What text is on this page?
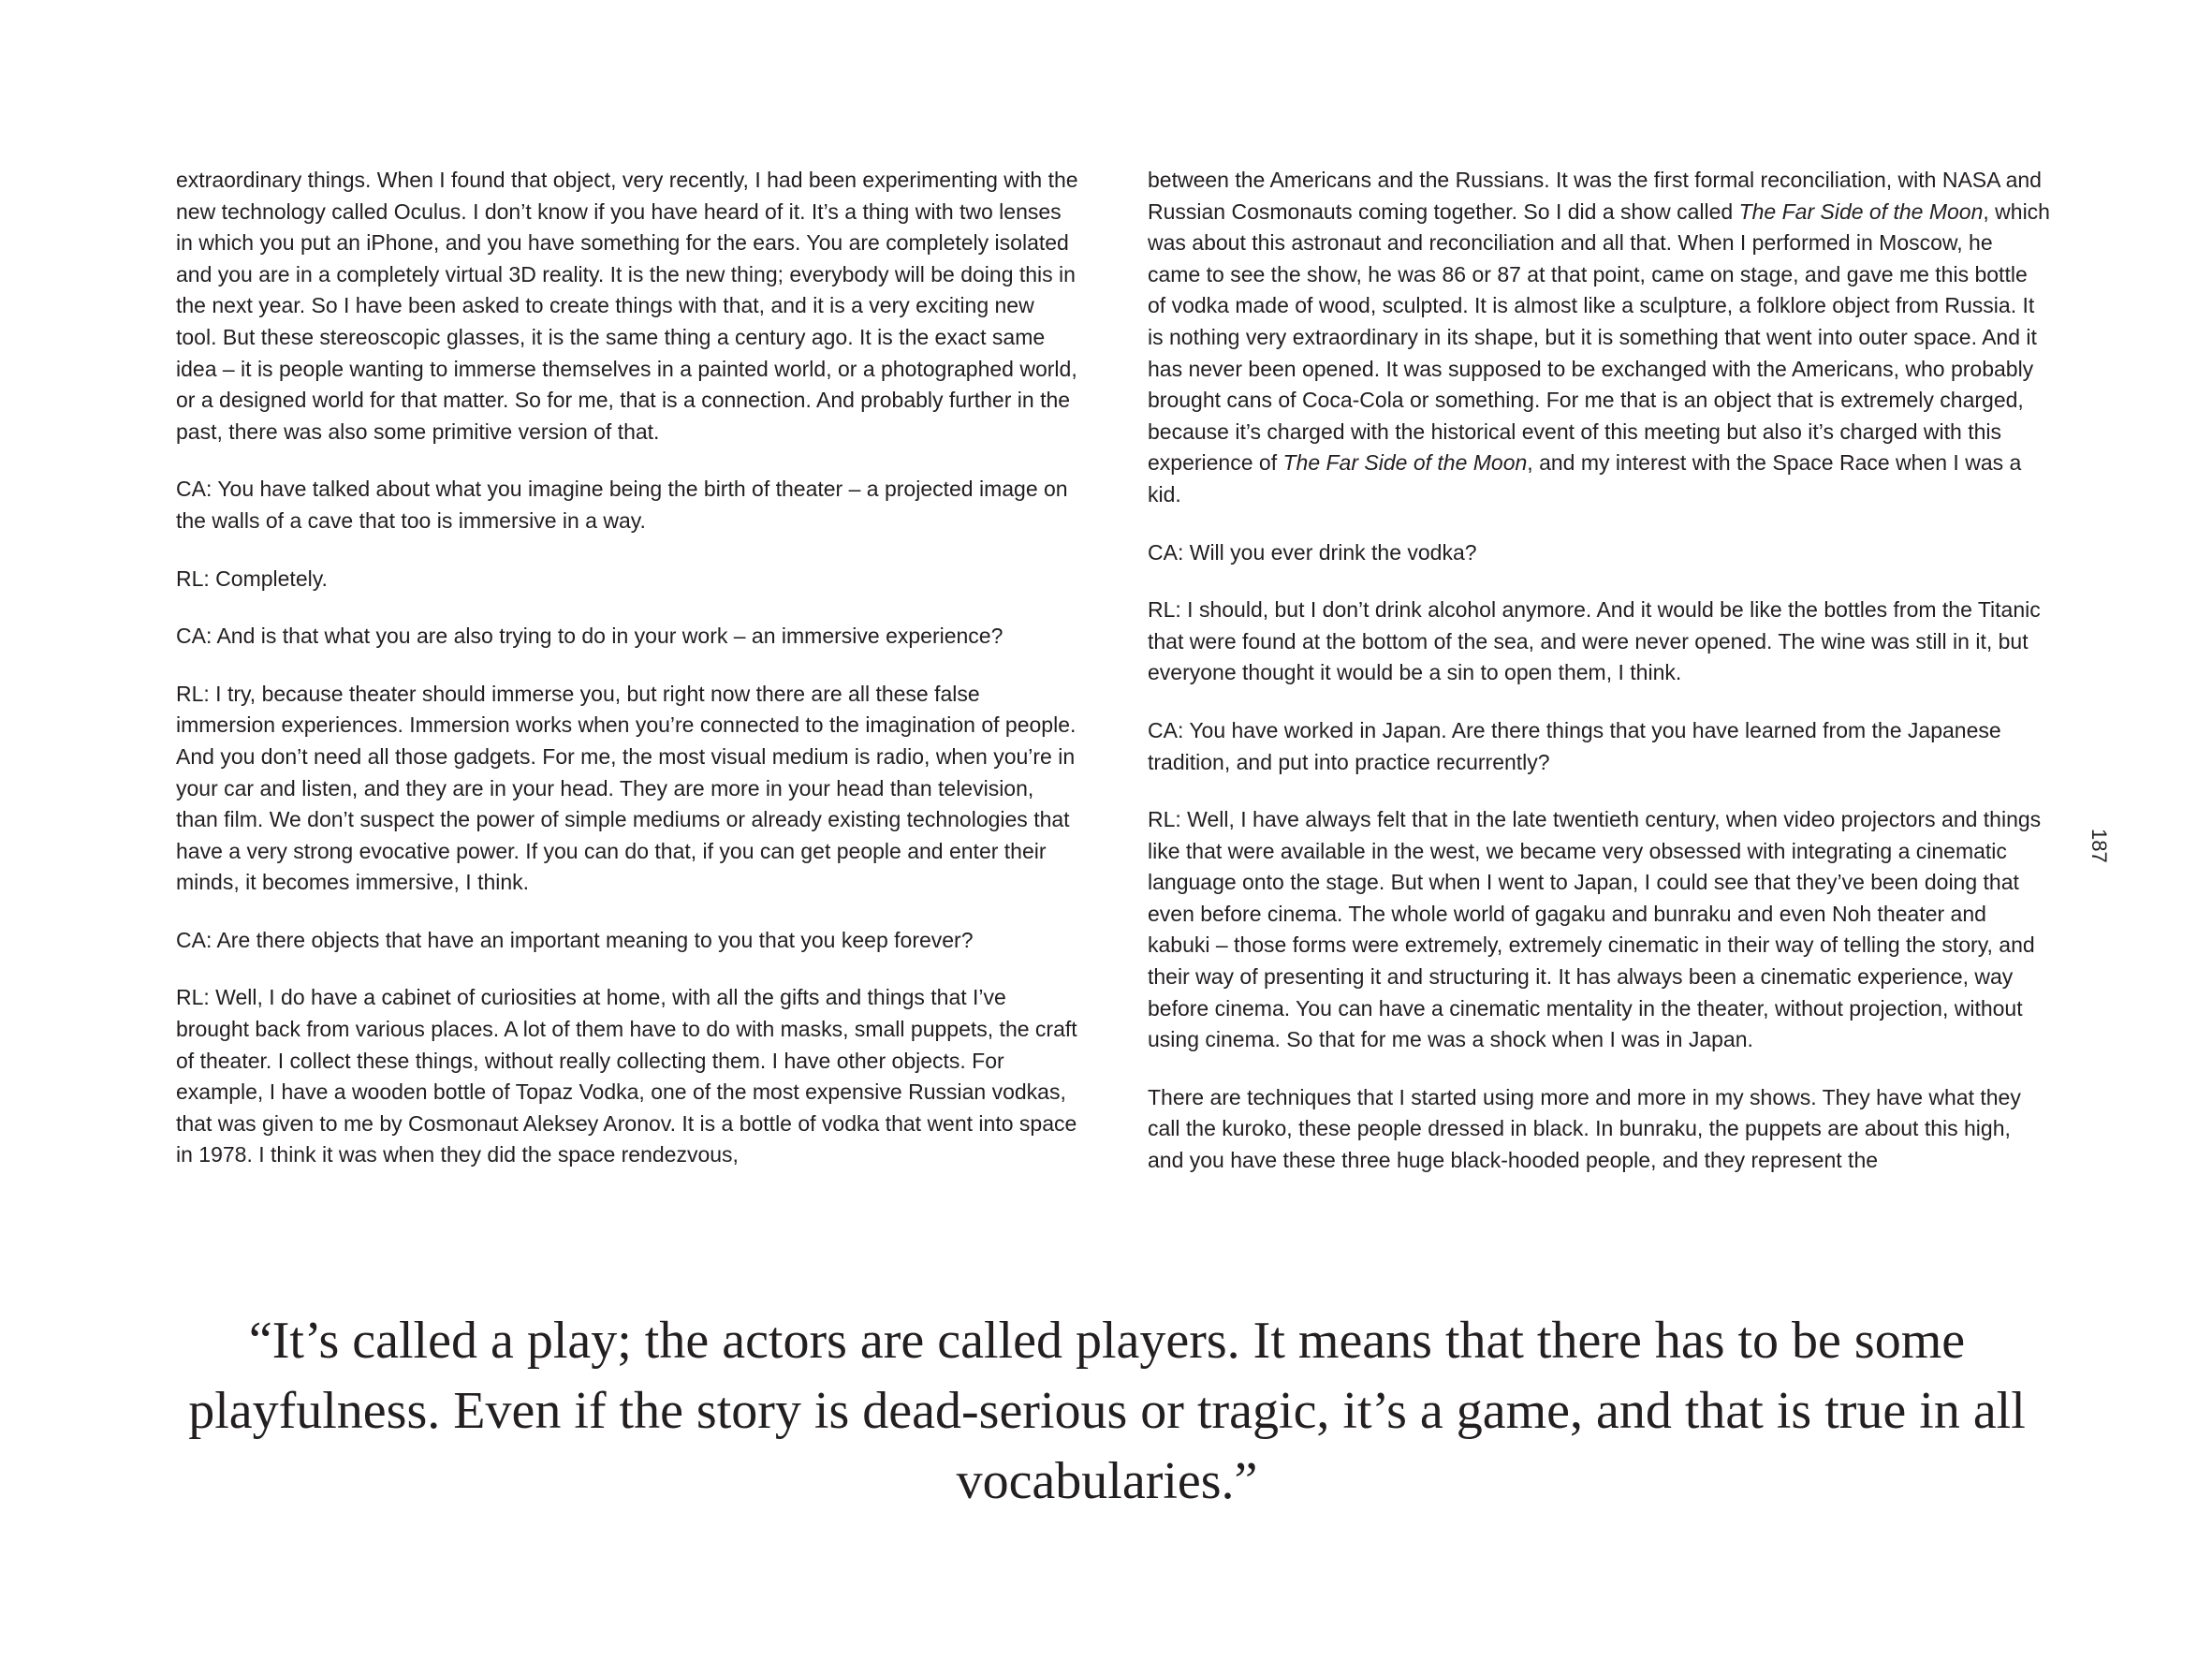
extraordinary things. When I found that object, very recently, I had been experimenting with the new technology called Oculus. I don’t know if you have heard of it. It’s a thing with two lenses in which you put an iPhone, and you have something for the ears. You are completely isolated and you are in a completely virtual 3D reality. It is the new thing; everybody will be doing this in the next year. So I have been asked to create things with that, and it is a very exciting new tool. But these stereoscopic glasses, it is the same thing a century ago. It is the exact same idea – it is people wanting to immerse themselves in a painted world, or a photographed world, or a designed world for that matter. So for me, that is a connection. And probably further in the past, there was also some primitive version of that.

CA: You have talked about what you imagine being the birth of theater – a projected image on the walls of a cave that too is immersive in a way.

RL: Completely.

CA: And is that what you are also trying to do in your work – an immersive experience?

RL: I try, because theater should immerse you, but right now there are all these false immersion experiences. Immersion works when you’re connected to the imagination of people. And you don’t need all those gadgets. For me, the most visual medium is radio, when you’re in your car and listen, and they are in your head. They are more in your head than television, than film. We don’t suspect the power of simple mediums or already existing technologies that have a very strong evocative power. If you can do that, if you can get people and enter their minds, it becomes immersive, I think.

CA: Are there objects that have an important meaning to you that you keep forever?

RL: Well, I do have a cabinet of curiosities at home, with all the gifts and things that I’ve brought back from various places. A lot of them have to do with masks, small puppets, the craft of theater. I collect these things, without really collecting them. I have other objects. For example, I have a wooden bottle of Topaz Vodka, one of the most expensive Russian vodkas, that was given to me by Cosmonaut Aleksey Aronov. It is a bottle of vodka that went into space in 1978. I think it was when they did the space rendezvous,

between the Americans and the Russians. It was the first formal reconciliation, with NASA and Russian Cosmonauts coming together. So I did a show called The Far Side of the Moon, which was about this astronaut and reconciliation and all that. When I performed in Moscow, he came to see the show, he was 86 or 87 at that point, came on stage, and gave me this bottle of vodka made of wood, sculpted. It is almost like a sculpture, a folklore object from Russia. It is nothing very extraordinary in its shape, but it is something that went into outer space. And it has never been opened. It was supposed to be exchanged with the Americans, who probably brought cans of Coca-Cola or something. For me that is an object that is extremely charged, because it’s charged with the historical event of this meeting but also it’s charged with this experience of The Far Side of the Moon, and my interest with the Space Race when I was a kid.

CA: Will you ever drink the vodka?

RL: I should, but I don’t drink alcohol anymore. And it would be like the bottles from the Titanic that were found at the bottom of the sea, and were never opened. The wine was still in it, but everyone thought it would be a sin to open them, I think.

CA: You have worked in Japan. Are there things that you have learned from the Japanese tradition, and put into practice recurrently?

RL: Well, I have always felt that in the late twentieth century, when video projectors and things like that were available in the west, we became very obsessed with integrating a cinematic language onto the stage. But when I went to Japan, I could see that they’ve been doing that even before cinema. The whole world of gagaku and bunraku and even Noh theater and kabuki – those forms were extremely, extremely cinematic in their way of telling the story, and their way of presenting it and structuring it. It has always been a cinematic experience, way before cinema. You can have a cinematic mentality in the theater, without projection, without using cinema. So that for me was a shock when I was in Japan.

There are techniques that I started using more and more in my shows. They have what they call the kuroko, these people dressed in black. In bunraku, the puppets are about this high, and you have these three huge black-hooded people, and they represent the

187
“It’s called a play; the actors are called players. It means that there has to be some playfulness. Even if the story is dead-serious or tragic, it’s a game, and that is true in all vocabularies.”
